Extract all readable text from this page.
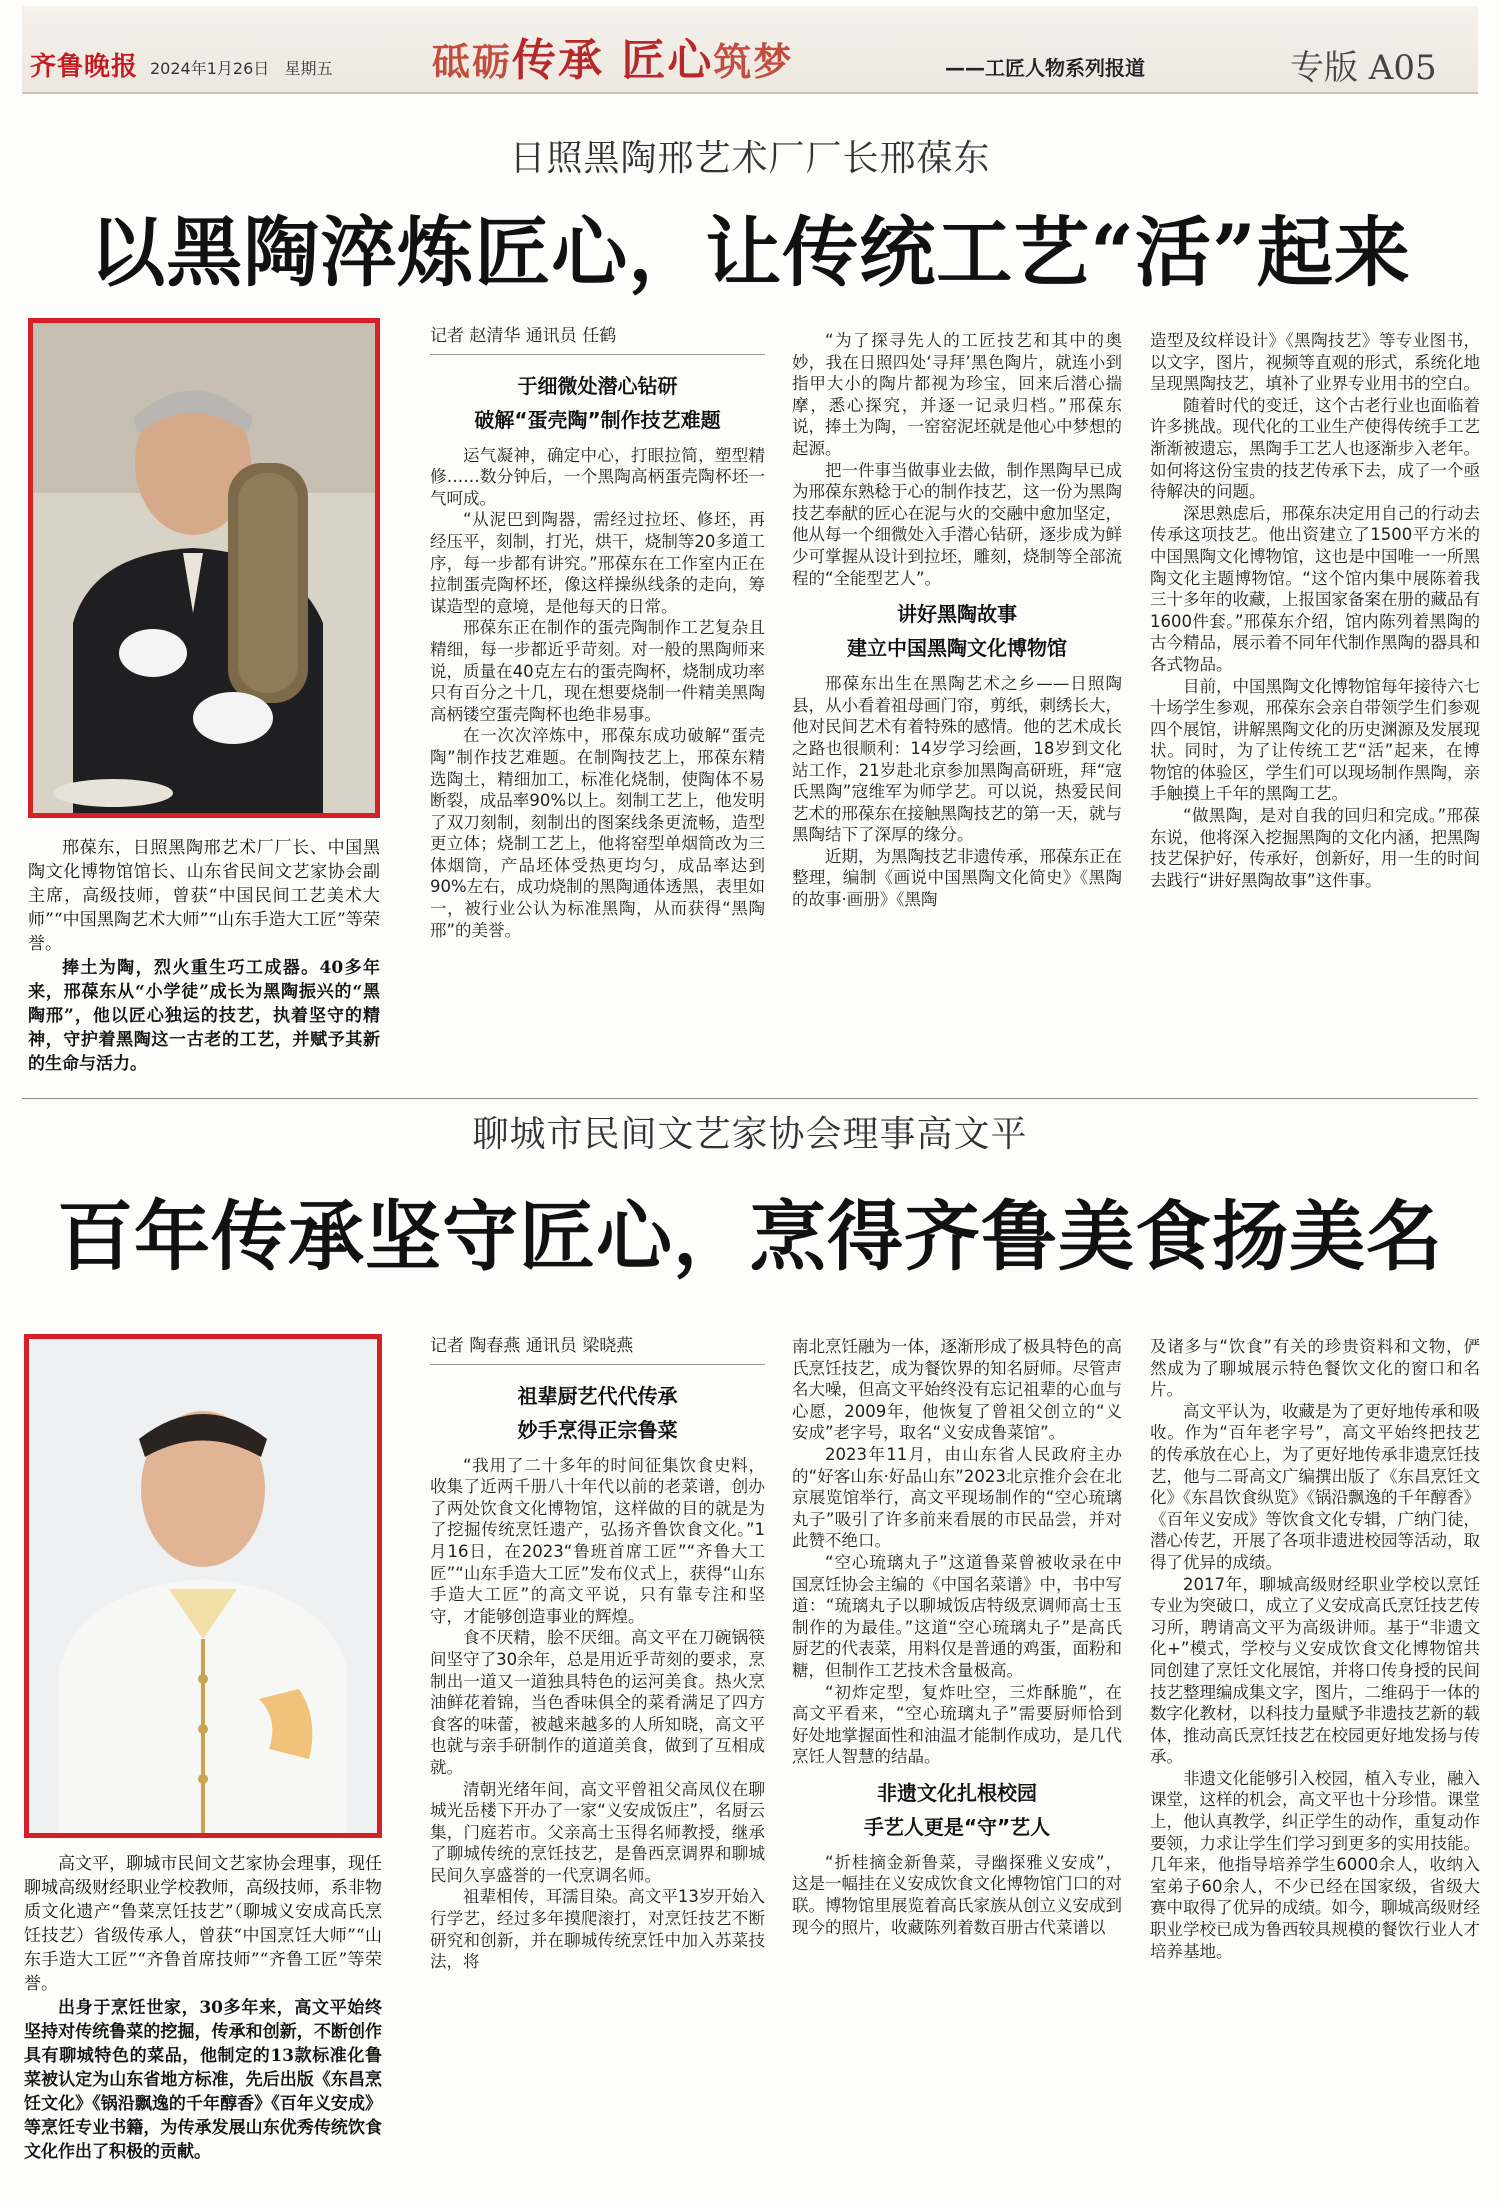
齐鲁晚报 2024年1月26日 星期五	砥砺传承 匠心筑梦	——工匠人物系列报道	专版 A05
日照黑陶邢艺术厂厂长邢葆东
以黑陶淬炼匠心，让传统工艺“活”起来

邢葆东，日照黑陶邢艺术厂厂长、中国黑陶文化博物馆馆长、山东省民间文艺家协会副主席，高级技师，曾获“中国民间工艺美术大师”“中国黑陶艺术大师”“山东手造大工匠”等荣誉。

捧土为陶，烈火重生巧工成器。40多年来，邢葆东从“小学徒”成长为黑陶振兴的“黑陶邢”，他以匠心独运的技艺，执着坚守的精神，守护着黑陶这一古老的工艺，并赋予其新的生命与活力。

记者 赵清华 通讯员 任鹤
于细微处潜心钻研
破解“蛋壳陶”制作技艺难题

运气凝神，确定中心，打眼拉简，塑型精修……数分钟后，一个黑陶高柄蛋壳陶杯坯一气呵成。

“从泥巴到陶器，需经过拉坯、修坯，再经压平，刻制，打光，烘干，烧制等20多道工序，每一步都有讲究。”邢葆东在工作室内正在拉制蛋壳陶杯坯，像这样操纵线条的走向，筹谋造型的意境，是他每天的日常。

邢葆东正在制作的蛋壳陶制作工艺复杂且精细，每一步都近乎苛刻。对一般的黑陶师来说，质量在40克左右的蛋壳陶杯，烧制成功率只有百分之十几，现在想要烧制一件精美黑陶高柄镂空蛋壳陶杯也绝非易事。

在一次次淬炼中，邢葆东成功破解“蛋壳陶”制作技艺难题。在制陶技艺上，邢葆东精选陶土，精细加工，标准化烧制，使陶体不易断裂，成品率90%以上。刻制工艺上，他发明了双刀刻制，刻制出的图案线条更流畅，造型更立体；烧制工艺上，他将窑型单烟筒改为三体烟筒，产品坯体受热更均匀，成品率达到90%左右，成功烧制的黑陶通体透黑，表里如一，被行业公认为标准黑陶，从而获得“黑陶邢”的美誉。

“为了探寻先人的工匠技艺和其中的奥妙，我在日照四处‘寻拜’黑色陶片，就连小到指甲大小的陶片都视为珍宝，回来后潜心揣摩，悉心探究，并逐一记录归档。”邢葆东说，捧土为陶，一窑窑泥坯就是他心中梦想的起源。

把一件事当做事业去做，制作黑陶早已成为邢葆东熟稔于心的制作技艺，这一份为黑陶技艺奉献的匠心在泥与火的交融中愈加坚定，他从每一个细微处入手潜心钻研，逐步成为鲜少可掌握从设计到拉坯，雕刻，烧制等全部流程的“全能型艺人”。

讲好黑陶故事
建立中国黑陶文化博物馆

邢葆东出生在黑陶艺术之乡——日照陶县，从小看着祖母画门帘，剪纸，刺绣长大，他对民间艺术有着特殊的感情。他的艺术成长之路也很顺利：14岁学习绘画，18岁到文化站工作，21岁赴北京参加黑陶高研班，拜“寇氏黑陶”寇维军为师学艺。可以说，热爱民间艺术的邢葆东在接触黑陶技艺的第一天，就与黑陶结下了深厚的缘分。

近期，为黑陶技艺非遗传承，邢葆东正在整理，编制《画说中国黑陶文化简史》《黑陶的故事·画册》《黑陶

造型及纹样设计》《黑陶技艺》等专业图书，以文字，图片，视频等直观的形式，系统化地呈现黑陶技艺，填补了业界专业用书的空白。

随着时代的变迁，这个古老行业也面临着许多挑战。现代化的工业生产使得传统手工艺渐渐被遗忘，黑陶手工艺人也逐渐步入老年。如何将这份宝贵的技艺传承下去，成了一个亟待解决的问题。

深思熟虑后，邢葆东决定用自己的行动去传承这项技艺。他出资建立了1500平方米的中国黑陶文化博物馆，这也是中国唯一一所黑陶文化主题博物馆。“这个馆内集中展陈着我三十多年的收藏，上报国家备案在册的藏品有1600件套。”邢葆东介绍，馆内陈列着黑陶的古今精品，展示着不同年代制作黑陶的器具和各式物品。

目前，中国黑陶文化博物馆每年接待六七十场学生参观，邢葆东会亲自带领学生们参观四个展馆，讲解黑陶文化的历史渊源及发展现状。同时，为了让传统工艺“活”起来，在博物馆的体验区，学生们可以现场制作黑陶，亲手触摸上千年的黑陶工艺。

“做黑陶，是对自我的回归和完成。”邢葆东说，他将深入挖掘黑陶的文化内涵，把黑陶技艺保护好，传承好，创新好，用一生的时间去践行“讲好黑陶故事”这件事。

聊城市民间文艺家协会理事高文平
百年传承坚守匠心，烹得齐鲁美食扬美名

高文平，聊城市民间文艺家协会理事，现任聊城高级财经职业学校教师，高级技师，系非物质文化遗产“鲁菜烹饪技艺”（聊城义安成高氏烹饪技艺）省级传承人，曾获“中国烹饪大师”“山东手造大工匠”“齐鲁首席技师”“齐鲁工匠”等荣誉。

出身于烹饪世家，30多年来，高文平始终坚持对传统鲁菜的挖掘，传承和创新，不断创作具有聊城特色的菜品，他制定的13款标准化鲁菜被认定为山东省地方标准，先后出版《东昌烹饪文化》《锅沿飘逸的千年醇香》《百年义安成》等烹饪专业书籍，为传承发展山东优秀传统饮食文化作出了积极的贡献。

记者 陶春燕 通讯员 梁晓燕
祖辈厨艺代代传承
妙手烹得正宗鲁菜

“我用了二十多年的时间征集饮食史料，收集了近两千册八十年代以前的老菜谱，创办了两处饮食文化博物馆，这样做的目的就是为了挖掘传统烹饪遗产，弘扬齐鲁饮食文化。”1月16日，在2023“鲁班首席工匠”“齐鲁大工匠”“山东手造大工匠”发布仪式上，获得“山东手造大工匠”的高文平说，只有靠专注和坚守，才能够创造事业的辉煌。

食不厌精，脍不厌细。高文平在刀碗锅筷间坚守了30余年，总是用近乎苛刻的要求，烹制出一道又一道独具特色的运河美食。热火烹油鲜花着锦，当色香味俱全的菜肴满足了四方食客的味蕾，被越来越多的人所知晓，高文平也就与亲手研制作的道道美食，做到了互相成就。

清朝光绪年间，高文平曾祖父高凤仪在聊城光岳楼下开办了一家“义安成饭庄”，名厨云集，门庭若市。父亲高士玉得名师教授，继承了聊城传统的烹饪技艺，是鲁西烹调界和聊城民间久享盛誉的一代烹调名师。

祖辈相传，耳濡目染。高文平13岁开始入行学艺，经过多年摸爬滚打，对烹饪技艺不断研究和创新，并在聊城传统烹饪中加入苏菜技法，将

南北烹饪融为一体，逐渐形成了极具特色的高氏烹饪技艺，成为餐饮界的知名厨师。尽管声名大噪，但高文平始终没有忘记祖辈的心血与心愿，2009年，他恢复了曾祖父创立的“义安成”老字号，取名“义安成鲁菜馆”。

2023年11月，由山东省人民政府主办的“好客山东·好品山东”2023北京推介会在北京展览馆举行，高文平现场制作的“空心琉璃丸子”吸引了许多前来看展的市民品尝，并对此赞不绝口。

“空心琉璃丸子”这道鲁菜曾被收录在中国烹饪协会主编的《中国名菜谱》中，书中写道：“琉璃丸子以聊城饭店特级烹调师高士玉制作的为最佳。”这道“空心琉璃丸子”是高氏厨艺的代表菜，用料仅是普通的鸡蛋，面粉和糖，但制作工艺技术含量极高。

“初炸定型，复炸吐空，三炸酥脆”，在高文平看来，“空心琉璃丸子”需要厨师恰到好处地掌握面性和油温才能制作成功，是几代烹饪人智慧的结晶。

非遗文化扎根校园
手艺人更是“守”艺人

“折桂摘金新鲁菜，寻幽探雅义安成”，这是一幅挂在义安成饮食文化博物馆门口的对联。博物馆里展览着高氏家族从创立义安成到现今的照片，收藏陈列着数百册古代菜谱以

及诸多与“饮食”有关的珍贵资料和文物，俨然成为了聊城展示特色餐饮文化的窗口和名片。

高文平认为，收藏是为了更好地传承和吸收。作为“百年老字号”，高文平始终把技艺的传承放在心上，为了更好地传承非遗烹饪技艺，他与二哥高文广编撰出版了《东昌烹饪文化》《东昌饮食纵览》《锅沿飘逸的千年醇香》《百年义安成》等饮食文化专辑，广纳门徒，潜心传艺，开展了各项非遗进校园等活动，取得了优异的成绩。

2017年，聊城高级财经职业学校以烹饪专业为突破口，成立了义安成高氏烹饪技艺传习所，聘请高文平为高级讲师。基于“非遗文化+”模式，学校与义安成饮食文化博物馆共同创建了烹饪文化展馆，并将口传身授的民间技艺整理编成集文字，图片，二维码于一体的数字化教材，以科技力量赋予非遗技艺新的载体，推动高氏烹饪技艺在校园更好地发扬与传承。

非遗文化能够引入校园，植入专业，融入课堂，这样的机会，高文平也十分珍惜。课堂上，他认真教学，纠正学生的动作，重复动作要领，力求让学生们学习到更多的实用技能。几年来，他指导培养学生6000余人，收纳入室弟子60余人，不少已经在国家级，省级大赛中取得了优异的成绩。如今，聊城高级财经职业学校已成为鲁西较具规模的餐饮行业人才培养基地。
